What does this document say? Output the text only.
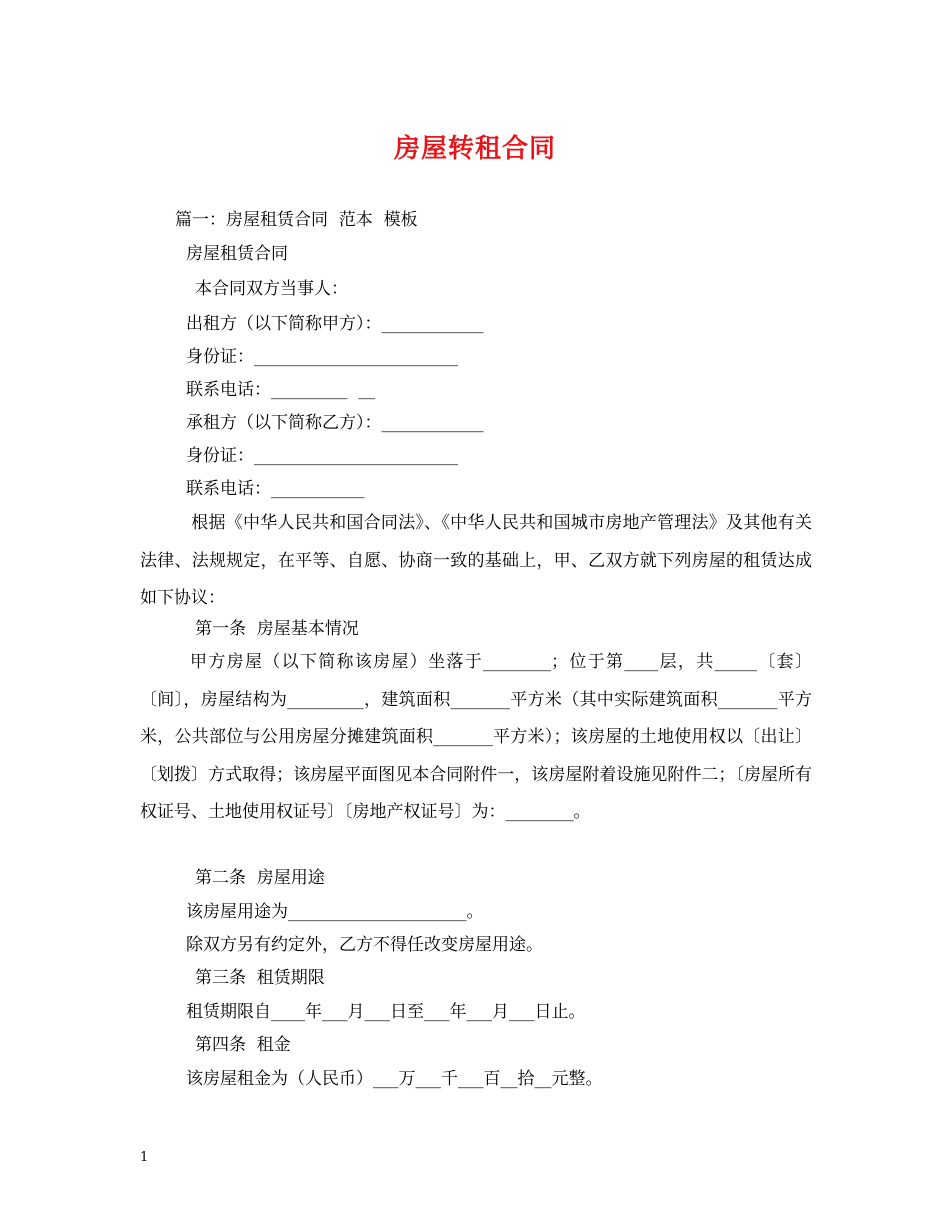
房屋转租合同
篇一：房屋租赁合同  范本  模板
房屋租赁合同
本合同双方当事人：
出租方（以下简称甲方）：____________
身份证：________________________
联系电话：_________  __
承租方（以下简称乙方）：____________
身份证：________________________
联系电话：___________
　根据《中华人民共和国合同法》、《中华人民共和国城市房地产管理法》及其他有关法律、法规规定，在平等、自愿、协商一致的基础上，甲、乙双方就下列房屋的租赁达成如下协议：
第一条  房屋基本情况
甲方房屋（以下简称该房屋）坐落于________；位于第____层，共_____〔套〕〔间〕，房屋结构为_________，建筑面积_______平方米（其中实际建筑面积_______平方米，公共部位与公用房屋分摊建筑面积_______平方米）；该房屋的土地使用权以〔出让〕〔划拨〕方式取得；该房屋平面图见本合同附件一，该房屋附着设施见附件二；〔房屋所有权证号、土地使用权证号〕〔房地产权证号〕为：________。
第二条  房屋用途
该房屋用途为_____________________。
除双方另有约定外，乙方不得任改变房屋用途。
第三条  租赁期限
租赁期限自____年___月___日至___年___月___日止。
第四条  租金
该房屋租金为（人民币）___万___千___百__拾__元整。
1
